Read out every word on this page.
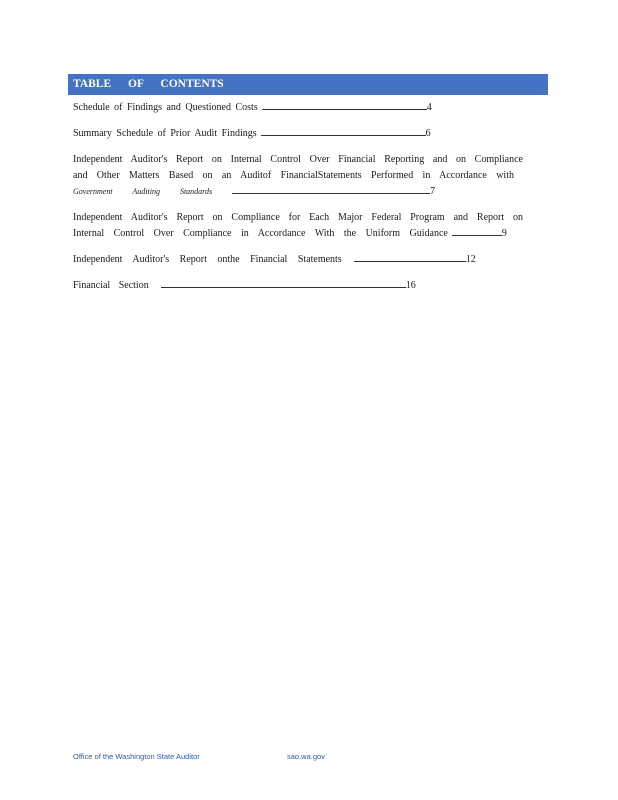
TABLE OF CONTENTS
Schedule of Findings and Questioned Costs	4
Summary Schedule of Prior Audit Findings	6
Independent Auditor's Report on Internal Control Over Financial Reporting and on Compliance
and Other Matters Based on an Auditof FinancialStatements Performed in Accordance with
Government Auditing Standards	7
Independent Auditor's Report on Compliance for Each Major Federal Program and Report on
Internal Control Over Compliance in Accordance With the Uniform Guidance	9
Independent Auditor's Report onthe Financial Statements	12
Financial Section	16
Office of the Washington State Auditor	sao.wa.gov
